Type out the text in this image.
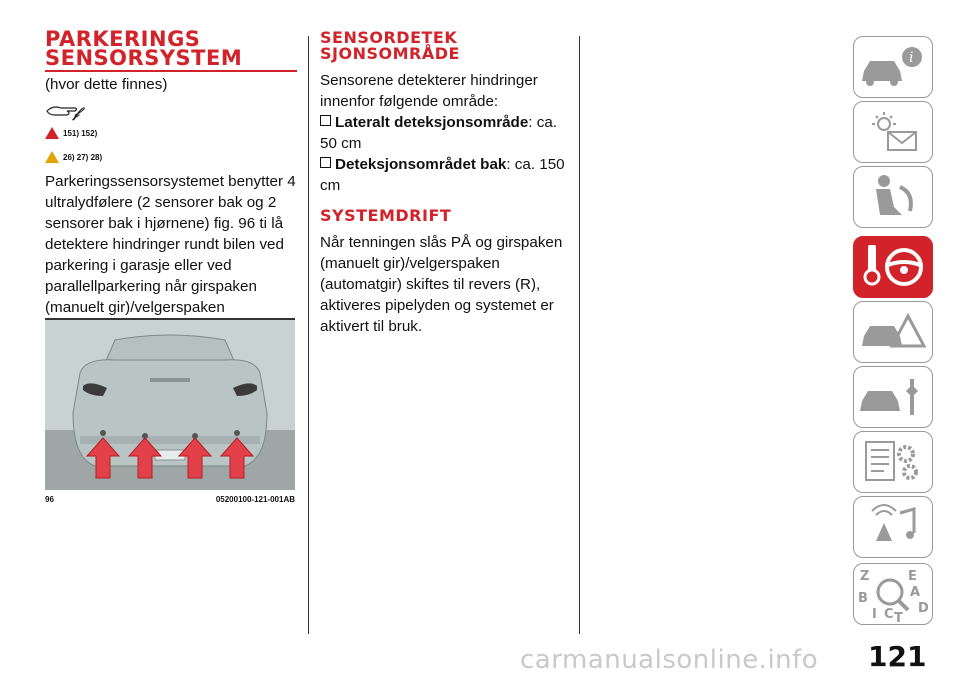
PARKERINGS
SENSORSYSTEM

(hvor dette finnes)

𝒻
151) 152)
26) 27) 28)

Parkeringssensorsystemet benytter 4 ultralydfølere (2 sensorer bak og 2 sensorer bak i hjørnene) fig. 96 ti lå detektere hindringer rundt bilen ved parkering i garasje eller ved parallellparkering når girspaken (manuelt gir)/velgerspaken

96	05200100-121-001AB
SENSORDETEK
SJONSOMRÅDE

Sensorene detekterer hindringer innenfor følgende område:

Lateralt deteksjonsområde: ca. 50 cm

Deteksjonsområdet bak: ca. 150 cm

SYSTEMDRIFT

Når tenningen slås PÅ og girspaken (manuelt gir)/velgerspaken (automatgir) skiftes til revers (R), aktiveres pipelyden og systemet er aktivert til bruk.

i
Z	E
B	A
C D
T
I
121
carmanualsonline.info
